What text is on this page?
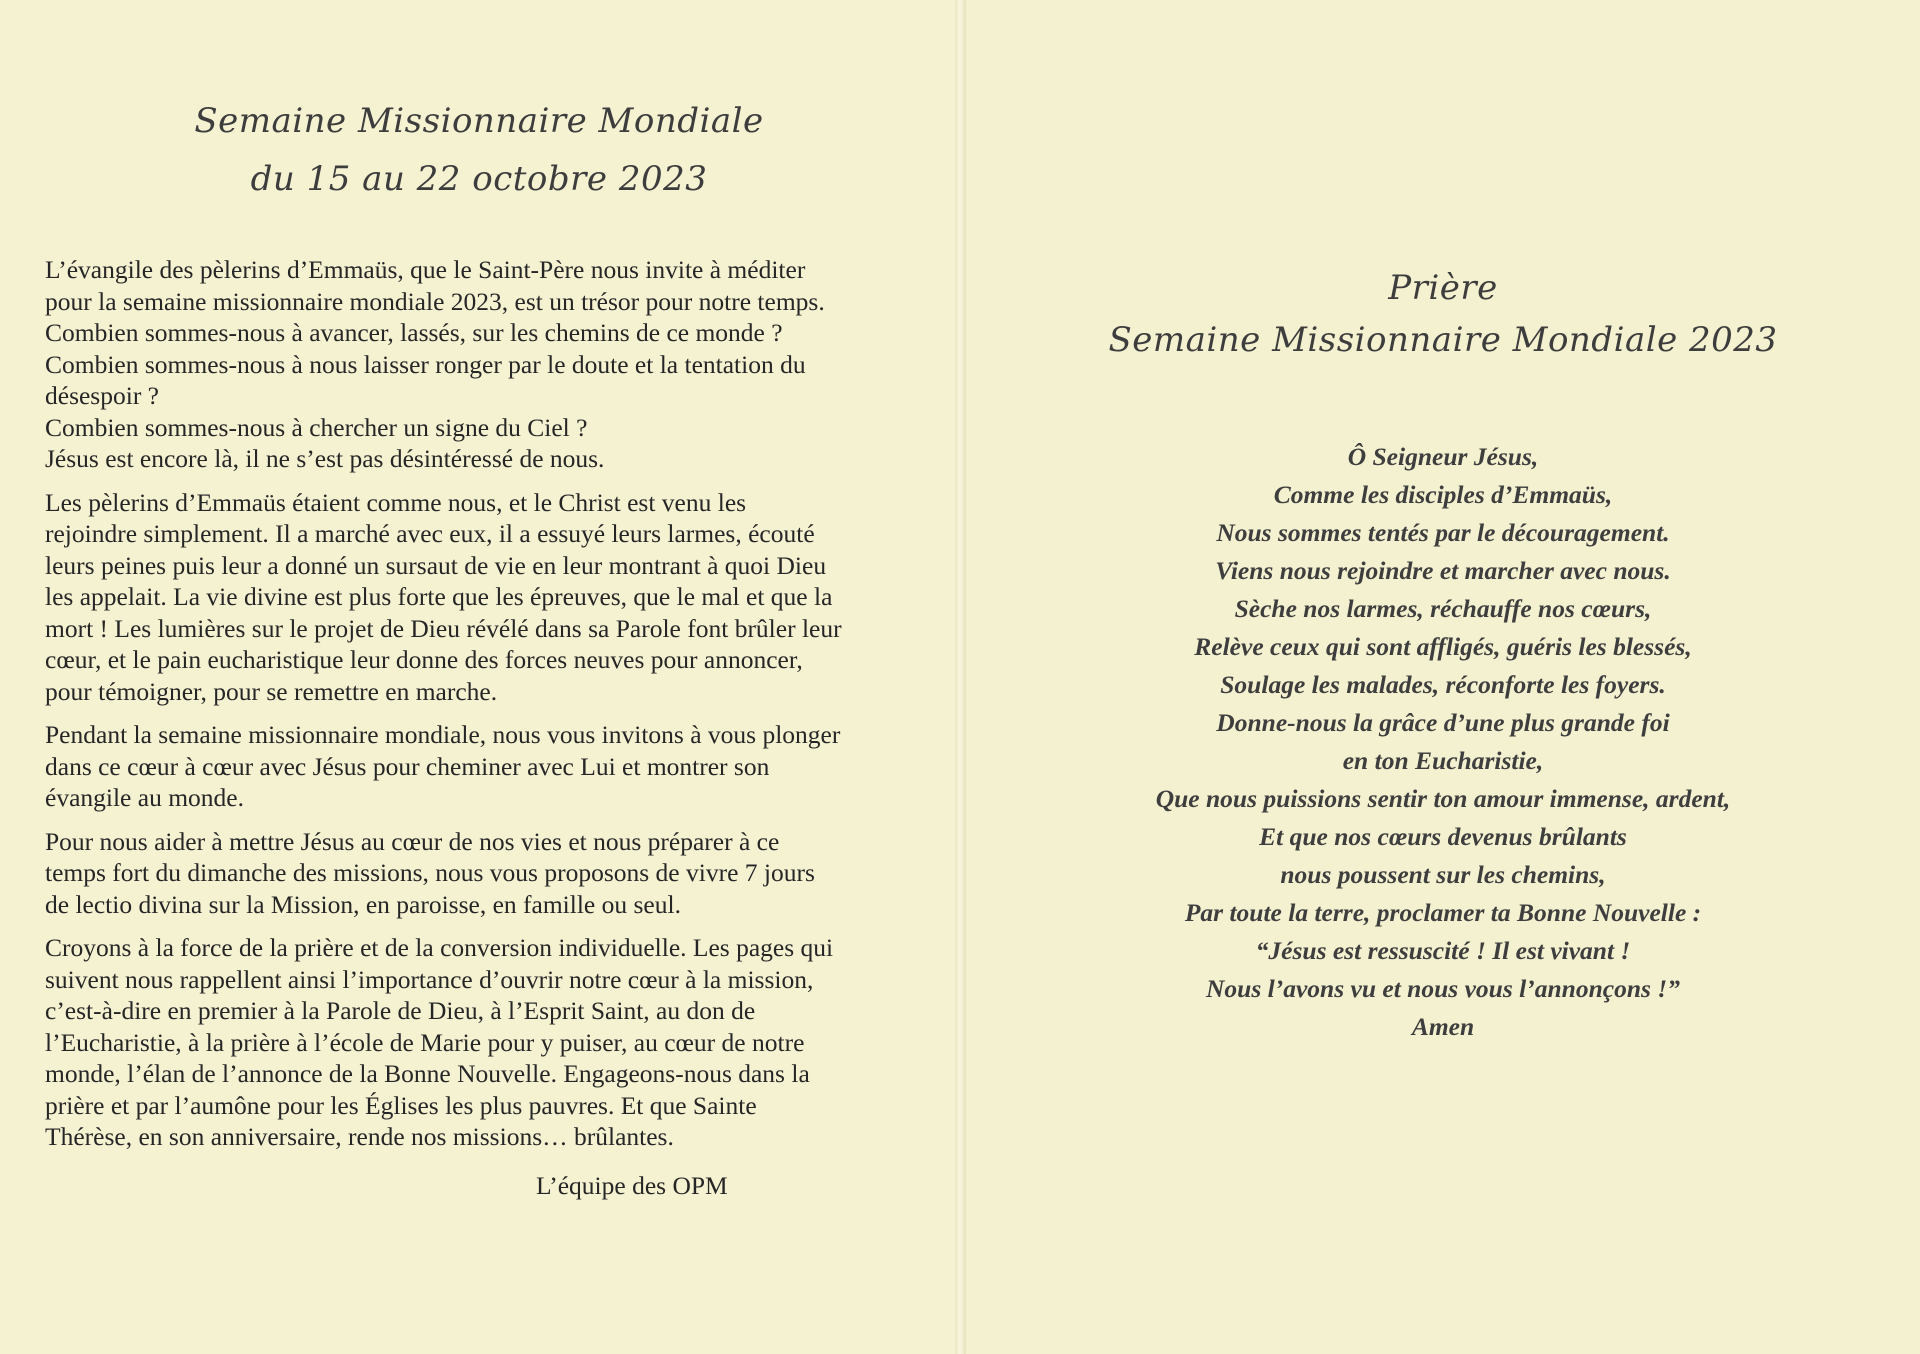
Semaine Missionnaire Mondiale
du 15 au 22 octobre 2023

L’évangile des pèlerins d’Emmaüs, que le Saint-Père nous invite à méditer
pour la semaine missionnaire mondiale 2023, est un trésor pour notre temps.
Combien sommes-nous à avancer, lassés, sur les chemins de ce monde ?
Combien sommes-nous à nous laisser ronger par le doute et la tentation du
désespoir ?
Combien sommes-nous à chercher un signe du Ciel ?
Jésus est encore là, il ne s’est pas désintéressé de nous.

Les pèlerins d’Emmaüs étaient comme nous, et le Christ est venu les
rejoindre simplement. Il a marché avec eux, il a essuyé leurs larmes, écouté
leurs peines puis leur a donné un sursaut de vie en leur montrant à quoi Dieu
les appelait. La vie divine est plus forte que les épreuves, que le mal et que la
mort ! Les lumières sur le projet de Dieu révélé dans sa Parole font brûler leur
cœur, et le pain eucharistique leur donne des forces neuves pour annoncer,
pour témoigner, pour se remettre en marche.

Pendant la semaine missionnaire mondiale, nous vous invitons à vous plonger
dans ce cœur à cœur avec Jésus pour cheminer avec Lui et montrer son
évangile au monde.

Pour nous aider à mettre Jésus au cœur de nos vies et nous préparer à ce
temps fort du dimanche des missions, nous vous proposons de vivre 7 jours
de lectio divina sur la Mission, en paroisse, en famille ou seul.

Croyons à la force de la prière et de la conversion individuelle. Les pages qui
suivent nous rappellent ainsi l’importance d’ouvrir notre cœur à la mission,
c’est-à-dire en premier à la Parole de Dieu, à l’Esprit Saint, au don de
l’Eucharistie, à la prière à l’école de Marie pour y puiser, au cœur de notre
monde, l’élan de l’annonce de la Bonne Nouvelle. Engageons-nous dans la
prière et par l’aumône pour les Églises les plus pauvres. Et que Sainte
Thérèse, en son anniversaire, rende nos missions… brûlantes.

L’équipe des OPM
Prière
Semaine Missionnaire Mondiale 2023
Ô Seigneur Jésus,
Comme les disciples d’Emmaüs,
Nous sommes tentés par le découragement.
Viens nous rejoindre et marcher avec nous.
Sèche nos larmes, réchauffe nos cœurs,
Relève ceux qui sont affligés, guéris les blessés,
Soulage les malades, réconforte les foyers.
Donne-nous la grâce d’une plus grande foi
en ton Eucharistie,
Que nous puissions sentir ton amour immense, ardent,
Et que nos cœurs devenus brûlants
nous poussent sur les chemins,
Par toute la terre, proclamer ta Bonne Nouvelle :
“Jésus est ressuscité ! Il est vivant !
Nous l’avons vu et nous vous l’annonçons !”
Amen
